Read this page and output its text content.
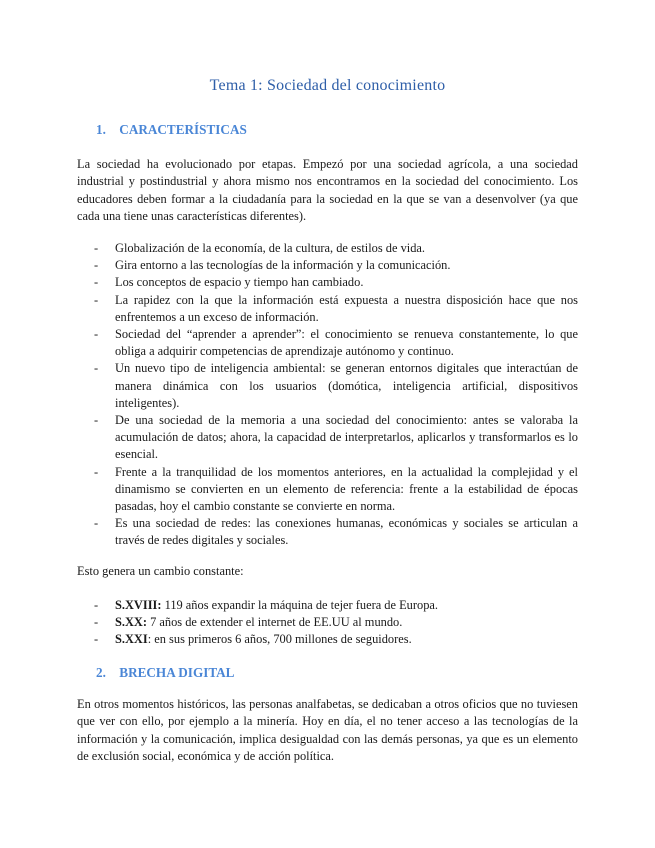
Tema 1: Sociedad del conocimiento
1. CARACTERÍSTICAS

La sociedad ha evolucionado por etapas. Empezó por una sociedad agrícola, a una sociedad industrial y postindustrial y ahora mismo nos encontramos en la sociedad del conocimiento. Los educadores deben formar a la ciudadanía para la sociedad en la que se van a desenvolver (ya que cada una tiene unas características diferentes).

- Globalización de la economía, de la cultura, de estilos de vida.
- Gira entorno a las tecnologías de la información y la comunicación.
- Los conceptos de espacio y tiempo han cambiado.
- La rapidez con la que la información está expuesta a nuestra disposición hace que nos enfrentemos a un exceso de información.
- Sociedad del “aprender a aprender”: el conocimiento se renueva constantemente, lo que obliga a adquirir competencias de aprendizaje autónomo y continuo.
- Un nuevo tipo de inteligencia ambiental: se generan entornos digitales que interactúan de manera dinámica con los usuarios (domótica, inteligencia artificial, dispositivos inteligentes).
- De una sociedad de la memoria a una sociedad del conocimiento: antes se valoraba la acumulación de datos; ahora, la capacidad de interpretarlos, aplicarlos y transformarlos es lo esencial.
- Frente a la tranquilidad de los momentos anteriores, en la actualidad la complejidad y el dinamismo se convierten en un elemento de referencia: frente a la estabilidad de épocas pasadas, hoy el cambio constante se convierte en norma.
- Es una sociedad de redes: las conexiones humanas, económicas y sociales se articulan a través de redes digitales y sociales.

Esto genera un cambio constante:

- S.XVIII: 119 años expandir la máquina de tejer fuera de Europa.
- S.XX: 7 años de extender el internet de EE.UU al mundo.
- S.XXI: en sus primeros 6 años, 700 millones de seguidores.
2. BRECHA DIGITAL

En otros momentos históricos, las personas analfabetas, se dedicaban a otros oficios que no tuviesen que ver con ello, por ejemplo a la minería. Hoy en día, el no tener acceso a las tecnologías de la información y la comunicación, implica desigualdad con las demás personas, ya que es un elemento de exclusión social, económica y de acción política.
